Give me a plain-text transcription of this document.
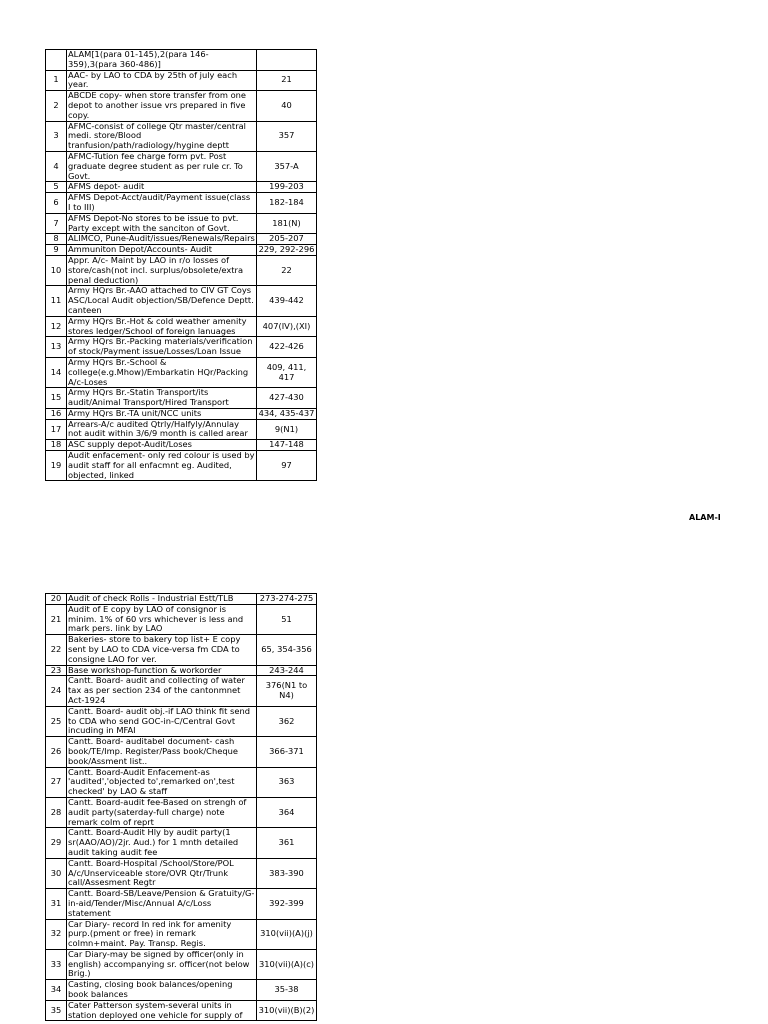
	ALAM[1(para 01-145),2(para 146-359),3(para 360-486)]	
1	AAC- by LAO to CDA by 25th of july each year.	21
2	ABCDE copy- when store transfer from one depot to another issue vrs prepared in five copy.	40
3	AFMC-consist of college Qtr master/central medi. store/Blood tranfusion/path/radiology/hygine deptt	357
4	AFMC-Tution fee charge form pvt. Post graduate degree student as per rule cr. To Govt.	357-A
5	AFMS depot- audit	199-203
6	AFMS Depot-Acct/audit/Payment issue(class I to III)	182-184
7	AFMS Depot-No stores to be issue to pvt. Party except with the sanciton of Govt.	181(N)
8	ALIMCO, Pune-Audit/issues/Renewals/Repairs	205-207
9	Ammuniton Depot/Accounts- Audit	229, 292-296
10	Appr. A/c- Maint by LAO in r/o losses of store/cash(not incl. surplus/obsolete/extra penal deduction)	22
11	Army HQrs Br.-AAO attached to CIV GT Coys ASC/Local Audit objection/SB/Defence Deptt. canteen	439-442
12	Army HQrs Br.-Hot & cold weather amenity stores ledger/School of foreign lanuages	407(IV),(XI)
13	Army HQrs Br.-Packing materials/verification of stock/Payment issue/Losses/Loan Issue	422-426
14	Army HQrs Br.-School & college(e.g.Mhow)/Embarkatin HQr/Packing A/c-Loses	409, 411, 417
15	Army HQrs Br.-Statin Transport/its audit/Animal Transport/Hired Transport	427-430
16	Army HQrs Br.-TA unit/NCC units	434, 435-437
17	Arrears-A/c audited Qtrly/Halfyly/Annulay not audit within 3/6/9 month is called arear	9(N1)
18	ASC supply depot-Audit/Loses	147-148
19	Audit enfacement- only red colour is used by audit staff for all enfacmnt eg. Audited, objected, linked	97
ALAM-I
20	Audit of check Rolls - Industrial Estt/TLB	273-274-275
21	Audit of E copy by LAO of consignor is minim. 1% of 60 vrs whichever is less and mark pers. link by LAO	51
22	Bakeries- store to bakery top list+ E copy sent by LAO to CDA vice-versa fm CDA to consigne LAO for ver.	65, 354-356
23	Base workshop-function & workorder	243-244
24	Cantt. Board- audit and collecting of water tax as per section 234 of the cantonmnet Act-1924	376(N1 to N4)
25	Cantt. Board- audit obj.-if LAO think fit send to CDA who send GOC-in-C/Central Govt incuding in MFAI	362
26	Cantt. Board- auditabel document- cash book/TE/Imp. Register/Pass book/Cheque book/Assment list..	366-371
27	Cantt. Board-Audit Enfacement-as 'audited','objected to',remarked on',test checked' by LAO & staff	363
28	Cantt. Board-audit fee-Based on strengh of audit party(saterday-full charge) note remark colm of reprt	364
29	Cantt. Board-Audit Hly by audit party(1 sr(AAO/AO)/2jr. Aud.) for 1 mnth detailed audit taking audit fee	361
30	Cantt. Board-Hospital /School/Store/POL A/c/Unserviceable store/OVR Qtr/Trunk call/Assesment Regtr	383-390
31	Cantt. Board-SB/Leave/Pension & Gratuity/G-in-aid/Tender/Misc/Annual A/c/Loss statement	392-399
32	Car Diary- record In red ink for amenity purp.(pment or free) in remark colmn+maint. Pay. Transp. Regis.	310(vii)(A)(j)
33	Car Diary-may be signed by officer(only in english) accompanying sr. officer(not below Brig.)	310(vii)(A)(c)
34	Casting, closing book balances/opening book balances	35-38
35	Cater Patterson system-several units in station deployed one vehicle for supply of	310(vii)(B)(2)
